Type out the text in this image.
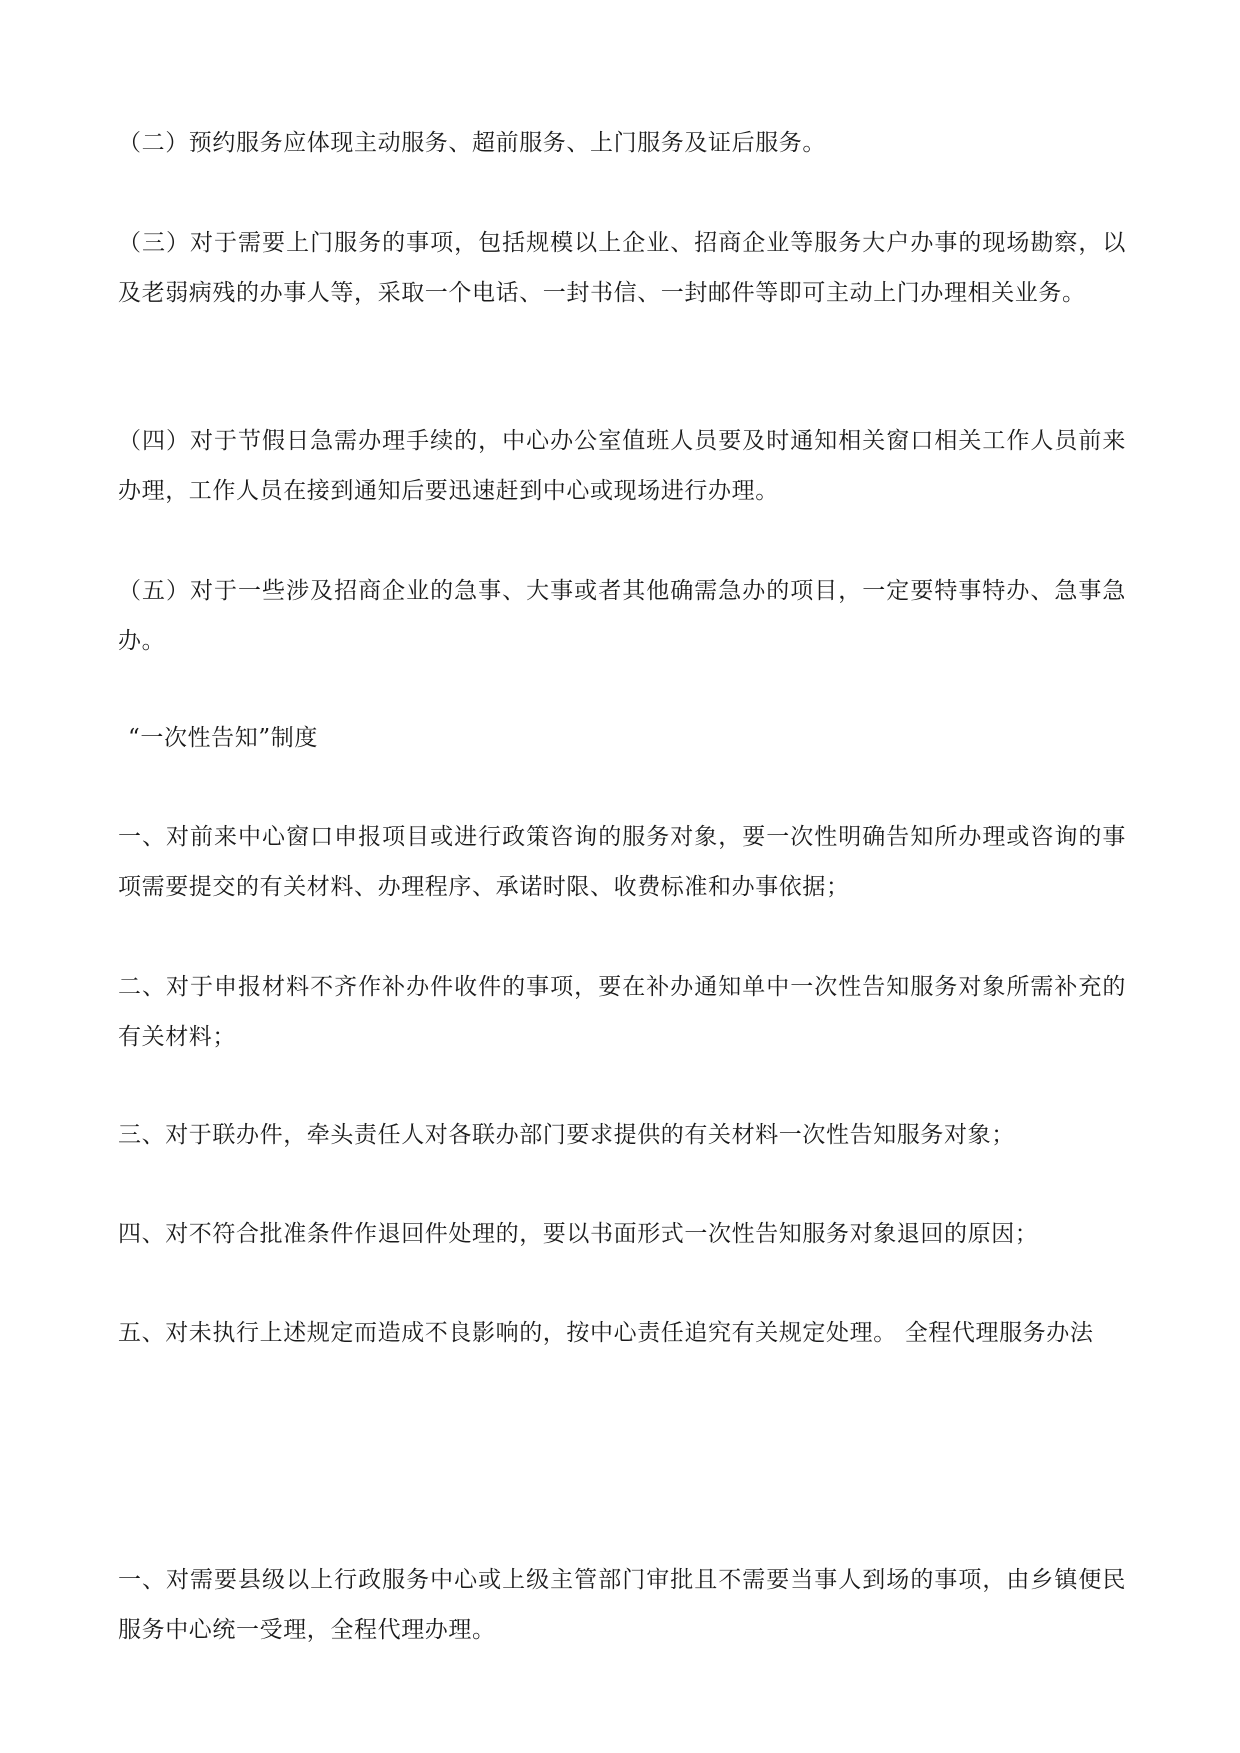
（二）预约服务应体现主动服务、超前服务、上门服务及证后服务。

（三）对于需要上门服务的事项，包括规模以上企业、招商企业等服务大户办事的现场勘察，以及老弱病残的办事人等，采取一个电话、一封书信、一封邮件等即可主动上门办理相关业务。

（四）对于节假日急需办理手续的，中心办公室值班人员要及时通知相关窗口相关工作人员前来办理，工作人员在接到通知后要迅速赶到中心或现场进行办理。

（五）对于一些涉及招商企业的急事、大事或者其他确需急办的项目，一定要特事特办、急事急办。

“一次性告知”制度

一、对前来中心窗口申报项目或进行政策咨询的服务对象，要一次性明确告知所办理或咨询的事项需要提交的有关材料、办理程序、承诺时限、收费标准和办事依据；

二、对于申报材料不齐作补办件收件的事项，要在补办通知单中一次性告知服务对象所需补充的有关材料；

三、对于联办件，牵头责任人对各联办部门要求提供的有关材料一次性告知服务对象；

四、对不符合批准条件作退回件处理的，要以书面形式一次性告知服务对象退回的原因；

五、对未执行上述规定而造成不良影响的，按中心责任追究有关规定处理。 全程代理服务办法

一、对需要县级以上行政服务中心或上级主管部门审批且不需要当事人到场的事项，由乡镇便民服务中心统一受理，全程代理办理。
